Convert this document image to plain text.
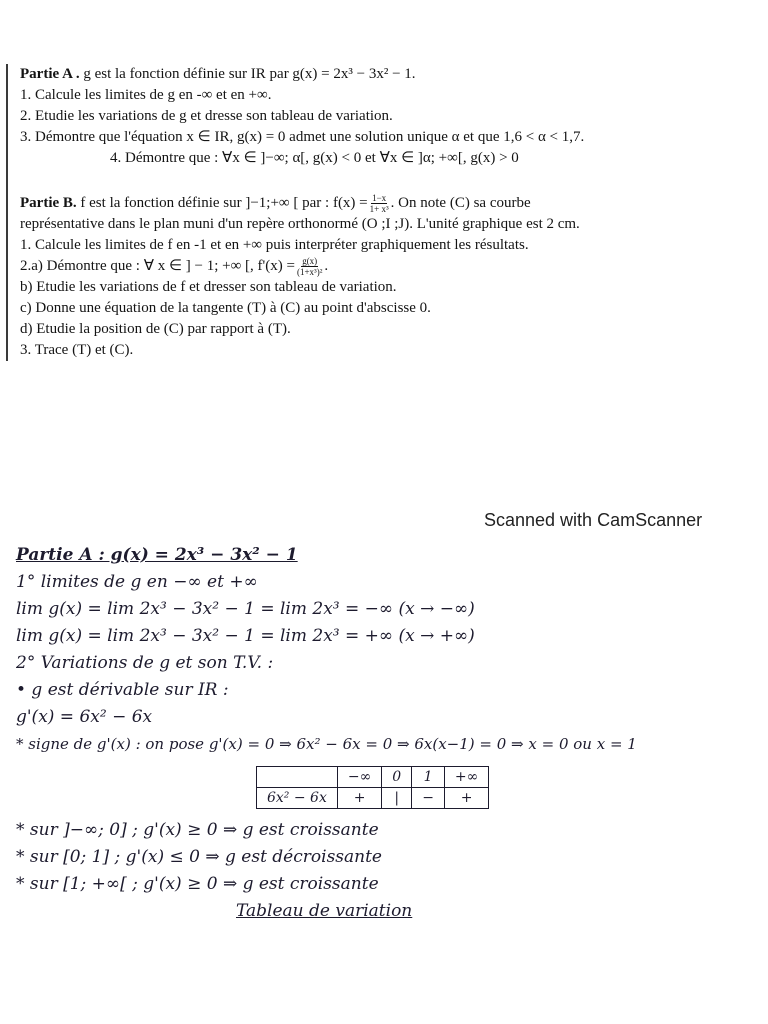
Partie A . g est la fonction définie sur IR par g(x) = 2x³ − 3x² − 1.
1. Calcule les limites de g en -∞ et en +∞.
2. Etudie les variations de g et dresse son tableau de variation.
3. Démontre que l'équation x ∈ IR, g(x) = 0 admet une solution unique α et que 1,6 < α < 1,7.
4. Démontre que : ∀x ∈ ]−∞; α[, g(x) < 0 et ∀x ∈ ]α; +∞[, g(x) > 0
Partie B. f est la fonction définie sur ]−1;+∞ [ par : $f(x) = \frac{1-x}{\text{1+ x³}}$ . On note (C) sa courbe
représentative dans le plan muni d'un repère orthonormé (O ;I ;J). L'unité graphique est 2 cm.
1. Calcule les limites de f en -1 et en +∞ puis interpréter graphiquement les résultats.
2.a) Démontre que : ∀ x ∈ ] − 1; +∞ [, $f'(x) = \frac{g(x)}{\text{(1+x³)²}}$ .
b) Etudie les variations de f et dresser son tableau de variation.
c) Donne une équation de la tangente (T) à (C) au point d'abscisse 0.
d) Etudie la position de (C) par rapport à (T).
3. Trace (T) et (C).
Scanned with CamScanner
Partie A : g(x) = 2x³ − 3x² − 1
1° limites de g en −∞ et +∞
lim g(x) = lim 2x³ − 3x² − 1 = lim 2x³ = −∞ (x → −∞)
lim g(x) = lim 2x³ − 3x² − 1 = lim 2x³ = +∞ (x → +∞)
2° Variations de g et son T.V. :
• g est dérivable sur IR :
g'(x) = 6x² − 6x
* signe de g'(x) : on pose g'(x) = 0 ⇒ 6x² − 6x = 0 ⇒ 6x(x−1) = 0 ⇒ x = 0 ou x = 1
	−∞	0	1	+∞
6x² − 6x	+	|	−	+
* sur ]−∞; 0] ; g'(x) ≥ 0 ⇒ g est croissante
* sur [0; 1] ; g'(x) ≤ 0 ⇒ g est décroissante
* sur [1; +∞[ ; g'(x) ≥ 0 ⇒ g est croissante
Tableau de variation
